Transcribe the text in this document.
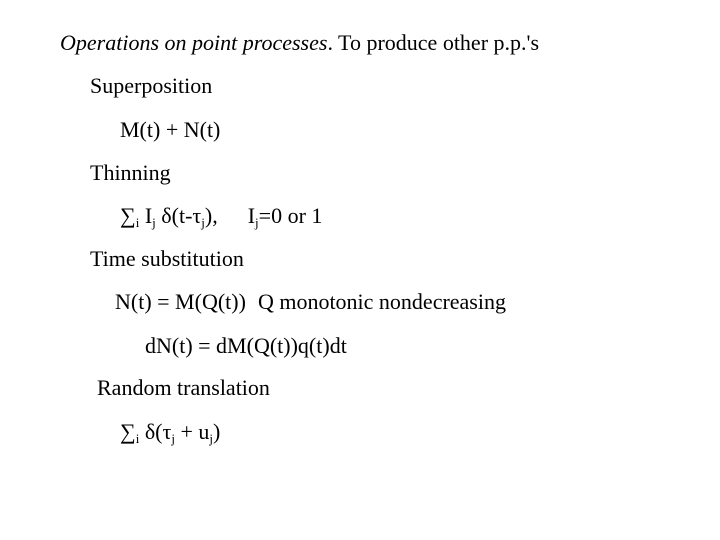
Operations on point processes. To produce other p.p.'s
Superposition
M(t) + N(t)
Thinning
$\sum_i$ $I_j$ $\delta(t-\tau_j)$, $I_j=0$ or 1
Time substitution
N(t) = M(Q(t)) Q monotonic nondecreasing
dN(t) = dM(Q(t))q(t)dt
Random translation
$\sum_i$ $\delta(\tau_j + u_j)$
